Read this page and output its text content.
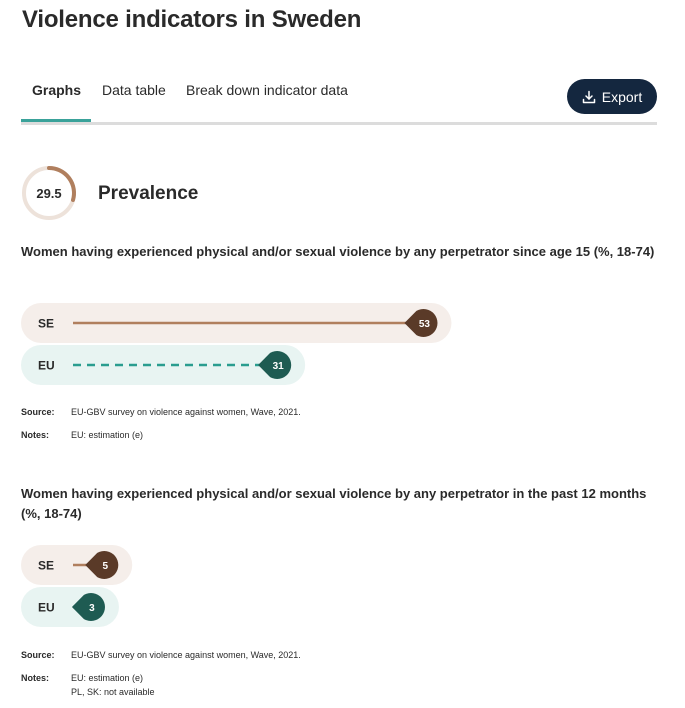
Violence indicators in Sweden
Graphs Data table Break down indicator data	Export
29.5	Prevalence

Women having experienced physical and/or sexual violence by any perpetrator since age 15 (%, 18-74)

SE	53
EU	31
Source: EU-GBV survey on violence against women, Wave, 2021.
Notes: EU: estimation (e)

Women having experienced physical and/or sexual violence by any perpetrator in the past 12 months (%, 18-74)

SE	5
EU	3
Source: EU-GBV survey on violence against women, Wave, 2021.
Notes: EU: estimation (e)
PL, SK: not available
